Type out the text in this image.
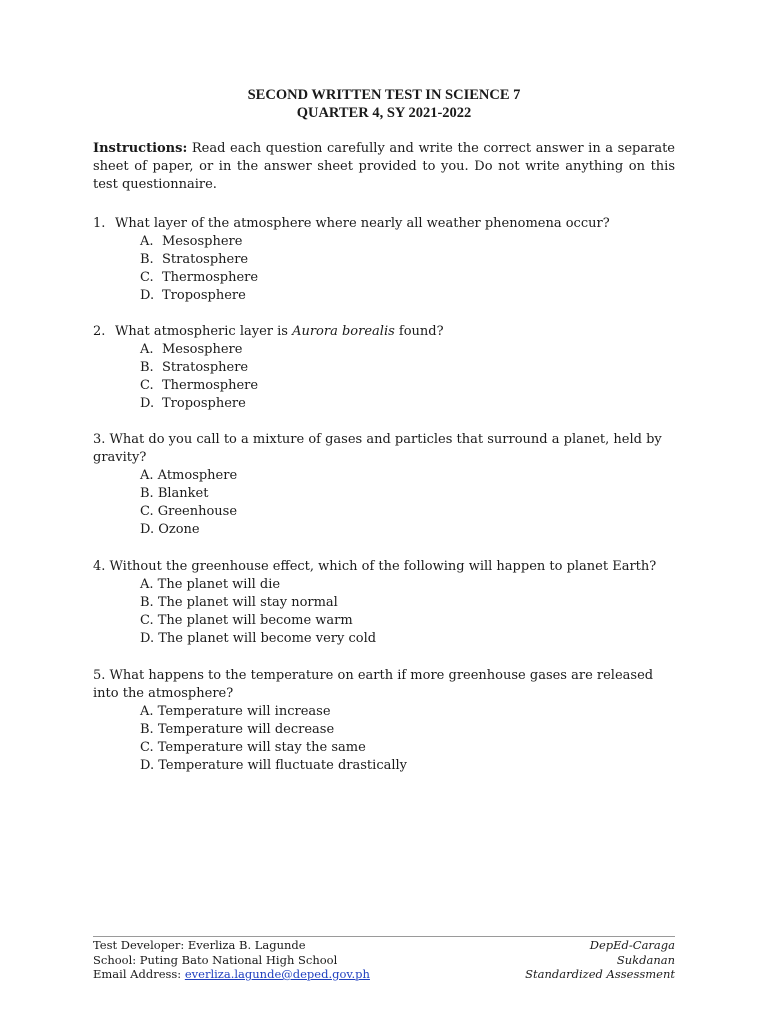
SECOND WRITTEN TEST IN SCIENCE 7
QUARTER 4, SY 2021-2022
Instructions: Read each question carefully and write the correct answer in a separate sheet of paper, or in the answer sheet provided to you. Do not write anything on this test questionnaire.
1. What layer of the atmosphere where nearly all weather phenomena occur?
A. Mesosphere
B. Stratosphere
C. Thermosphere
D. Troposphere
2. What atmospheric layer is Aurora borealis found?
A. Mesosphere
B. Stratosphere
C. Thermosphere
D. Troposphere
3. What do you call to a mixture of gases and particles that surround a planet, held by gravity?
A. Atmosphere
B. Blanket
C. Greenhouse
D. Ozone
4. Without the greenhouse effect, which of the following will happen to planet Earth?
A. The planet will die
B. The planet will stay normal
C. The planet will become warm
D. The planet will become very cold
5. What happens to the temperature on earth if more greenhouse gases are released into the atmosphere?
A. Temperature will increase
B. Temperature will decrease
C. Temperature will stay the same
D. Temperature will fluctuate drastically
Test Developer: Everliza B. Lagunde	DepEd-Caraga
School: Puting Bato National High School	Sukdanan
Email Address: everliza.lagunde@deped.gov.ph	Standardized Assessment
